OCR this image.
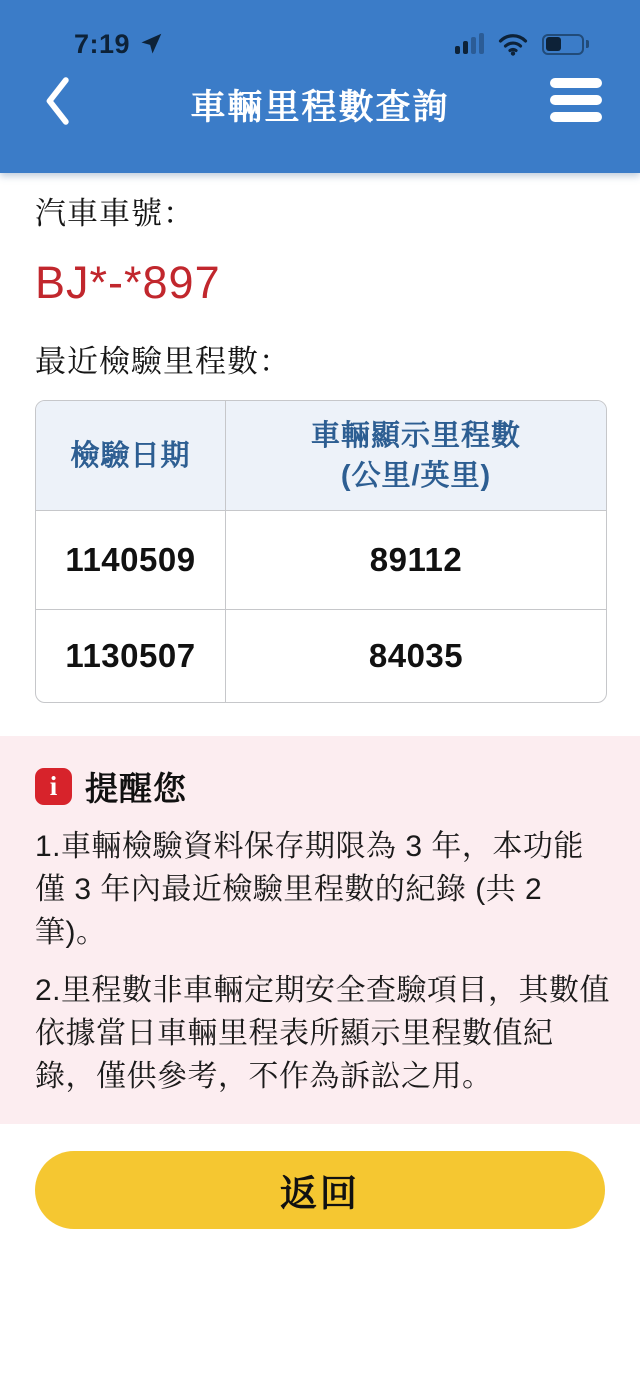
7:19
車輛里程數查詢
汽車車號：
BJ*-*897
最近檢驗里程數：
檢驗日期
車輛顯示里程數
(公里/英里)
1140509	89112
1130507	84035
i 提醒您

1.車輛檢驗資料保存期限為 3 年，本功能僅 3 年內最近檢驗里程數的紀錄 (共 2 筆)。

2.里程數非車輛定期安全查驗項目，其數值依據當日車輛里程表所顯示里程數值紀錄，僅供參考，不作為訴訟之用。

返回
